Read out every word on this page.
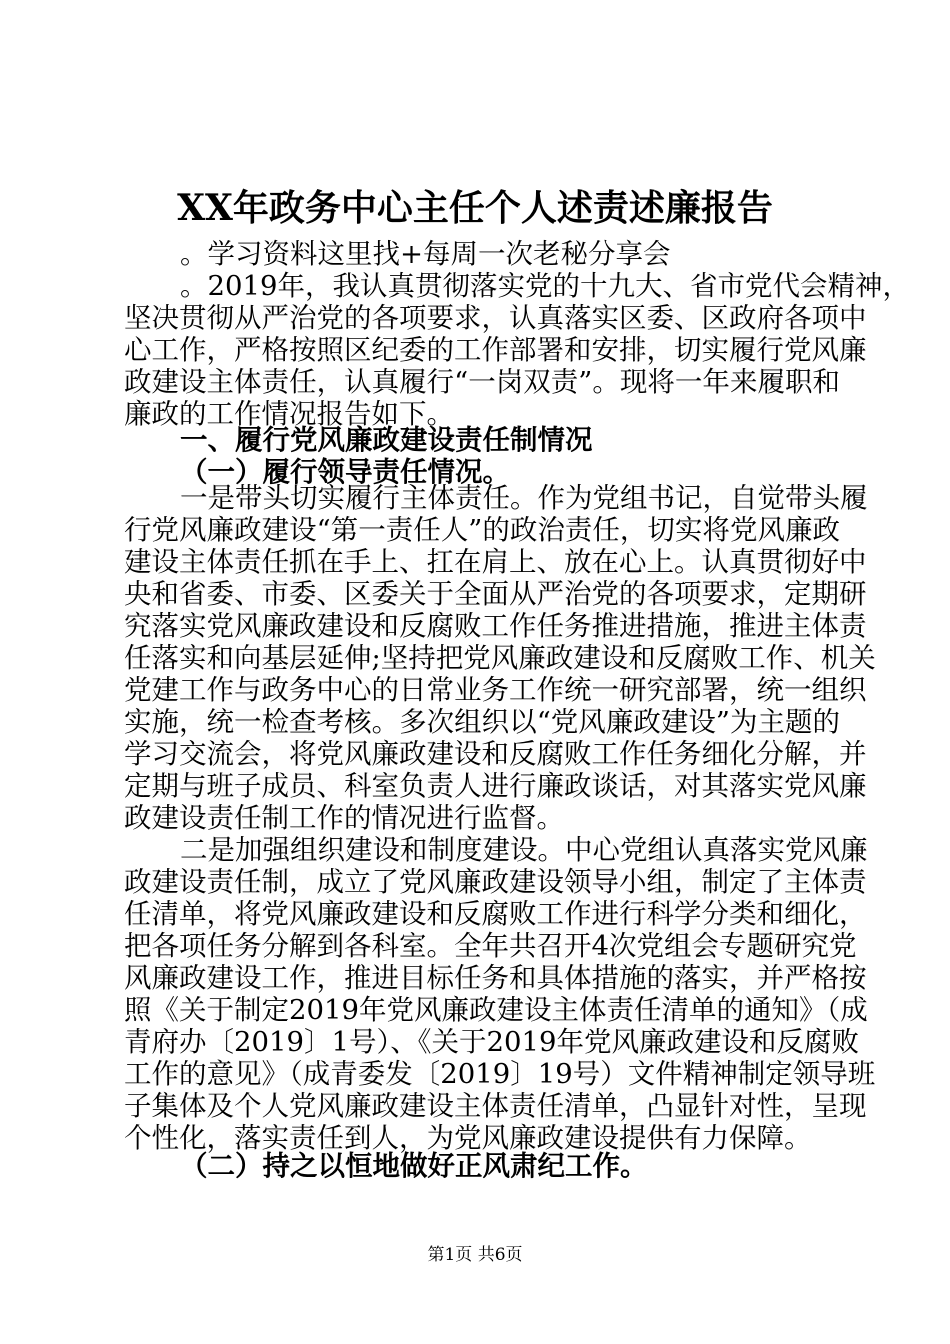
XX年政务中心主任个人述责述廉报告
。学习资料这里找+每周一次老秘分享会
。2019年，我认真贯彻落实党的十九大、省市党代会精神，
坚决贯彻从严治党的各项要求，认真落实区委、区政府各项中
心工作，严格按照区纪委的工作部署和安排，切实履行党风廉
政建设主体责任，认真履行“一岗双责”。现将一年来履职和
廉政的工作情况报告如下。
一、履行党风廉政建设责任制情况
（一）履行领导责任情况。
一是带头切实履行主体责任。作为党组书记，自觉带头履
行党风廉政建设“第一责任人”的政治责任，切实将党风廉政
建设主体责任抓在手上、扛在肩上、放在心上。认真贯彻好中
央和省委、市委、区委关于全面从严治党的各项要求，定期研
究落实党风廉政建设和反腐败工作任务推进措施，推进主体责
任落实和向基层延伸;坚持把党风廉政建设和反腐败工作、机关
党建工作与政务中心的日常业务工作统一研究部署，统一组织
实施，统一检查考核。多次组织以“党风廉政建设”为主题的
学习交流会，将党风廉政建设和反腐败工作任务细化分解，并
定期与班子成员、科室负责人进行廉政谈话，对其落实党风廉
政建设责任制工作的情况进行监督。
二是加强组织建设和制度建设。中心党组认真落实党风廉
政建设责任制，成立了党风廉政建设领导小组，制定了主体责
任清单，将党风廉政建设和反腐败工作进行科学分类和细化，
把各项任务分解到各科室。全年共召开4次党组会专题研究党
风廉政建设工作，推进目标任务和具体措施的落实，并严格按
照《关于制定2019年党风廉政建设主体责任清单的通知》（成
青府办〔2019〕1号）、《关于2019年党风廉政建设和反腐败
工作的意见》（成青委发〔2019〕19号）文件精神制定领导班
子集体及个人党风廉政建设主体责任清单，凸显针对性，呈现
个性化，落实责任到人，为党风廉政建设提供有力保障。
（二）持之以恒地做好正风肃纪工作。
第1页 共6页
